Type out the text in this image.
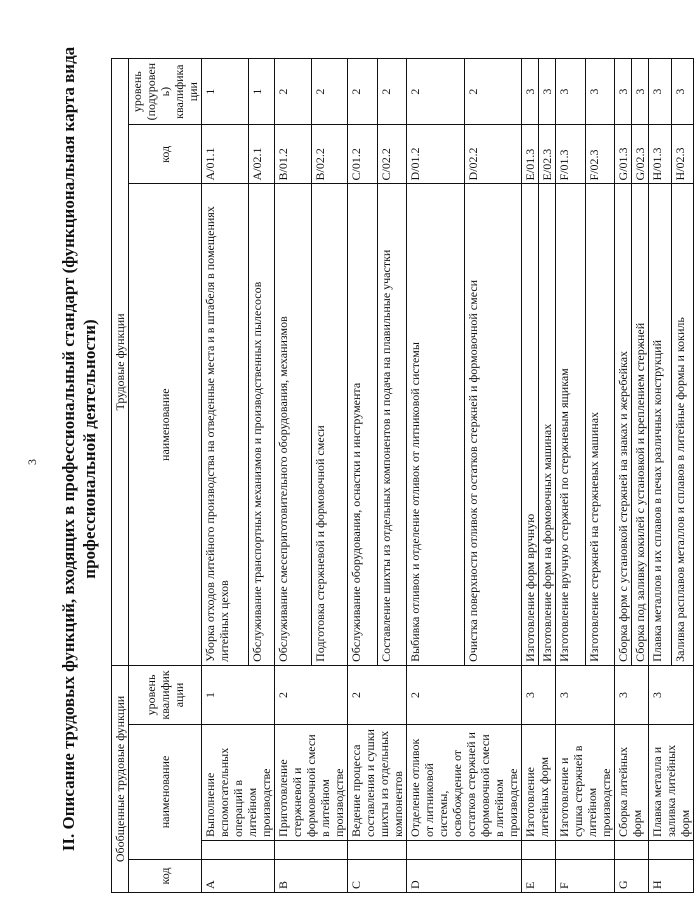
3 II. Описание трудовых функций, входящих в профессиональный стандарт (функциональная карта вида профессиональной деятельности)
Обобщенные трудовые функции				Трудовые функции		
код	наименование		уровень квалификации	наименование	код	уровень (подуровень) квалификации
A		Выполнение вспомогательных операций в литейном производстве	1	Уборка отходов литейного производства на отведенные места и в штабеля в помещениях литейных цехов	A/01.1	1
				Обслуживание транспортных механизмов и производственных пылесосов	A/02.1	1
B		Приготовление стержневой и формовочной смеси в литейном производстве	2	Обслуживание смесеприготовительного оборудования, механизмов	B/01.2	2
				Подготовка стержневой и формовочной смеси	B/02.2	2
C		Ведение процесса составления и сушки шихты из отдельных компонентов	2	Обслуживание оборудования, оснастки и инструмента	C/01.2	2
				Составление шихты из отдельных компонентов и подача на плавильные участки	C/02.2	2
D		Отделение отливок от литниковой системы, освобождение от остатков стержней и формовочной смеси в литейном производстве	2	Выбивка отливок и отделение отливок от литниковой системы	D/01.2	2
				Очистка поверхности отливок от остатков стержней и формовочной смеси	D/02.2	2
E		Изготовление литейных форм	3	Изготовление форм вручную	E/01.3	3
				Изготовление форм на формовочных машинах	E/02.3	3
F		Изготовление и сушка стержней в литейном производстве	3	Изготовление вручную стержней по стержневым ящикам	F/01.3	3
				Изготовление стержней на стержневых машинах	F/02.3	3
G		Сборка литейных форм	3	Сборка форм с установкой стержней на знаках и жеребейках	G/01.3	3
				Сборка под заливку кокилей с установкой и креплением стержней	G/02.3	3
H		Плавка металла и заливка литейных форм	3	Плавка металлов и их сплавов в печах различных конструкций	H/01.3	3
				Заливка расплавов металлов и сплавов в литейные формы и кокиль	H/02.3	3
